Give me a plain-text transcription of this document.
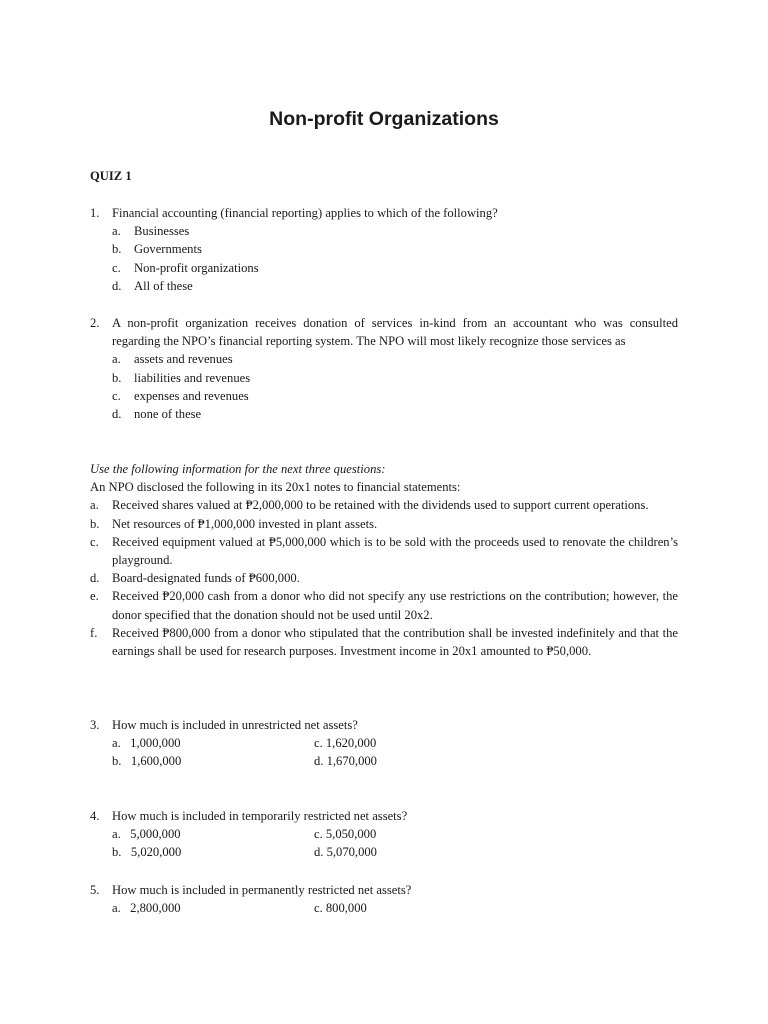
Non-profit Organizations
QUIZ 1
1. Financial accounting (financial reporting) applies to which of the following?
a.	Businesses
b. Governments
c.	Non-profit organizations
d. All of these
2. A non-profit organization receives donation of services in-kind from an accountant who was consulted regarding the NPO’s financial reporting system. The NPO will most likely recognize those services as
a.	assets and revenues
b. liabilities and revenues
c.	expenses and revenues
d. none of these
Use the following information for the next three questions:
An NPO disclosed the following in its 20x1 notes to financial statements:
a.	Received shares valued at ₱2,000,000 to be retained with the dividends used to support current operations.
b. Net resources of ₱1,000,000 invested in plant assets.
c.	Received equipment valued at ₱5,000,000 which is to be sold with the proceeds used to renovate the children’s playground.
d. Board-designated funds of ₱600,000.
e.	Received ₱20,000 cash from a donor who did not specify any use restrictions on the contribution; however, the donor specified that the donation should not be used until 20x2.
f.	Received ₱800,000 from a donor who stipulated that the contribution shall be invested indefinitely and that the earnings shall be used for research purposes. Investment income in 20x1 amounted to ₱50,000.
3. How much is included in unrestricted net assets?
a.   1,000,000	c. 1,620,000
b.   1,600,000	d. 1,670,000
4. How much is included in temporarily restricted net assets?
a.   5,000,000	c. 5,050,000
b.   5,020,000	d. 5,070,000
5. How much is included in permanently restricted net assets?
a.   2,800,000	c. 800,000
